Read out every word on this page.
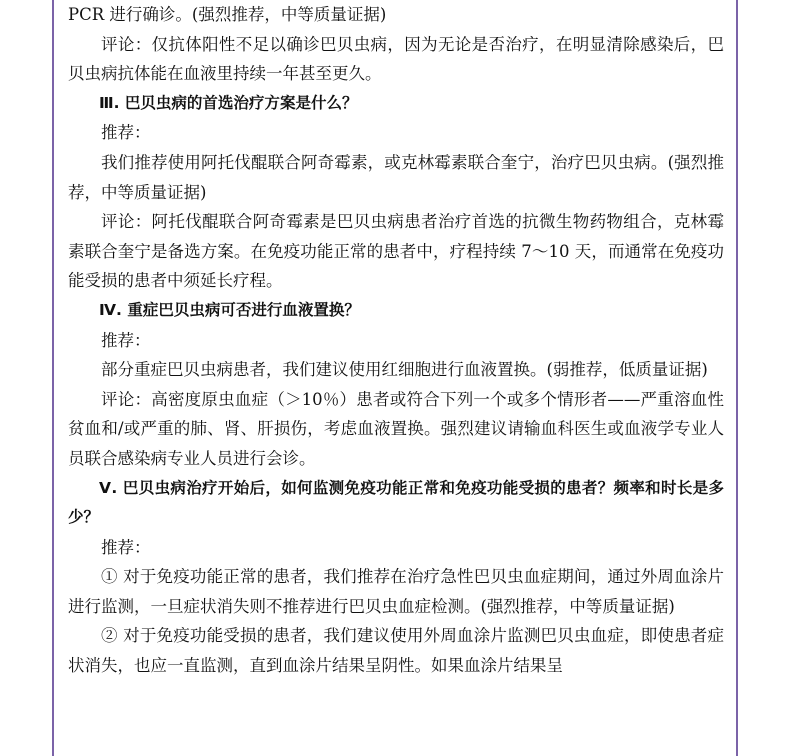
PCR 进行确诊。(强烈推荐，中等质量证据)

评论：仅抗体阳性不足以确诊巴贝虫病，因为无论是否治疗，在明显清除感染后，巴贝虫病抗体能在血液里持续一年甚至更久。

Ⅲ. 巴贝虫病的首选治疗方案是什么？

推荐：

我们推荐使用阿托伐醌联合阿奇霉素，或克林霉素联合奎宁，治疗巴贝虫病。(强烈推荐，中等质量证据)

评论：阿托伐醌联合阿奇霉素是巴贝虫病患者治疗首选的抗微生物药物组合，克林霉素联合奎宁是备选方案。在免疫功能正常的患者中，疗程持续 7～10 天，而通常在免疫功能受损的患者中须延长疗程。

Ⅳ. 重症巴贝虫病可否进行血液置换？

推荐：

部分重症巴贝虫病患者，我们建议使用红细胞进行血液置换。(弱推荐，低质量证据)

评论：高密度原虫血症（＞10％）患者或符合下列一个或多个情形者——严重溶血性贫血和/或严重的肺、肾、肝损伤，考虑血液置换。强烈建议请输血科医生或血液学专业人员联合感染病专业人员进行会诊。

Ⅴ. 巴贝虫病治疗开始后，如何监测免疫功能正常和免疫功能受损的患者？频率和时长是多少？

推荐：

① 对于免疫功能正常的患者，我们推荐在治疗急性巴贝虫血症期间，通过外周血涂片进行监测，一旦症状消失则不推荐进行巴贝虫血症检测。(强烈推荐，中等质量证据)

② 对于免疫功能受损的患者，我们建议使用外周血涂片监测巴贝虫血症，即使患者症状消失，也应一直监测，直到血涂片结果呈阴性。如果血涂片结果呈
